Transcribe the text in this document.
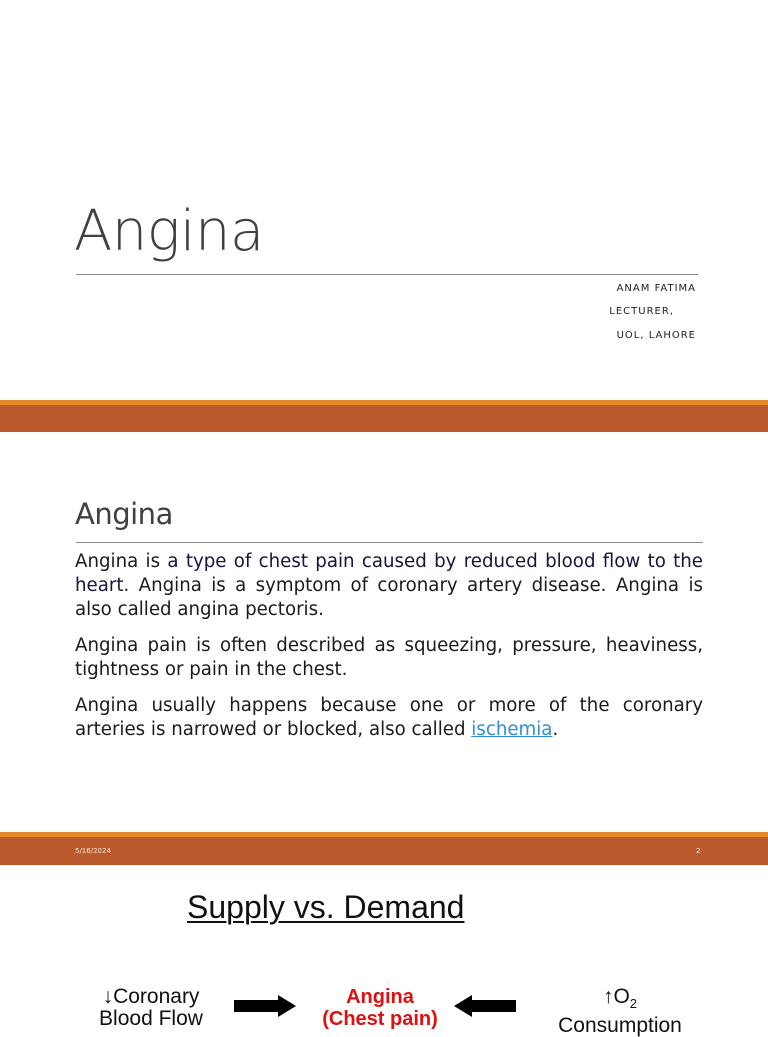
Angina
ANAM FATIMA
LECTURER,
UOL, LAHORE
Angina
Angina is a type of chest pain caused by reduced blood flow to the heart. Angina is a symptom of coronary artery disease. Angina is also called angina pectoris.
Angina pain is often described as squeezing, pressure, heaviness, tightness or pain in the chest.
Angina usually happens because one or more of the coronary arteries is narrowed or blocked, also called ischemia.
5/16/2024	2
Supply vs. Demand
↓Coronary
Blood Flow
Angina
(Chest pain)
$↑O_2$
Consumption
